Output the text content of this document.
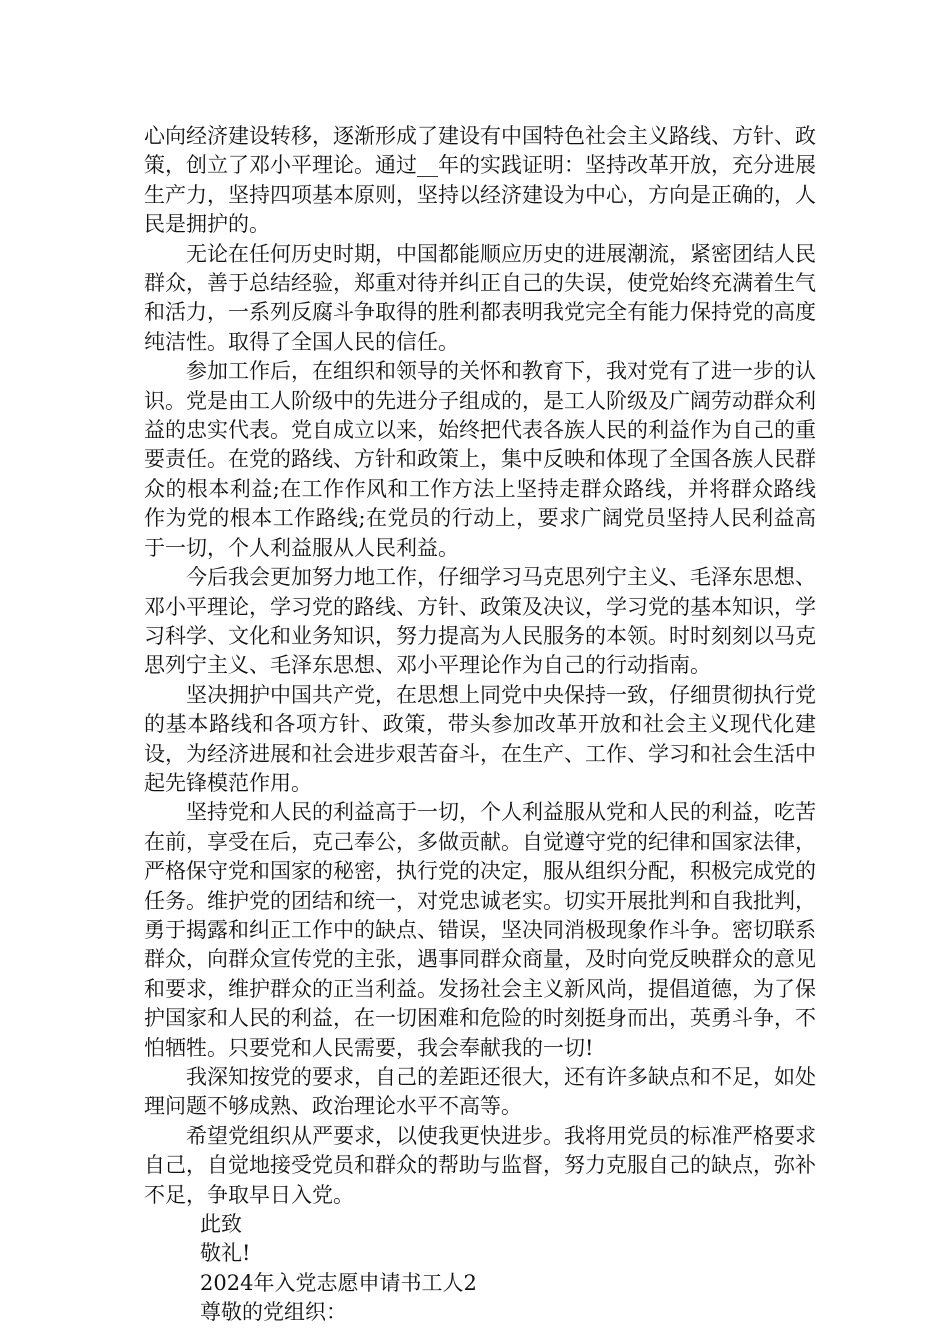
心向经济建设转移，逐渐形成了建设有中国特色社会主义路线、方针、政策，创立了邓小平理论。通过__年的实践证明：坚持改革开放，充分进展生产力，坚持四项基本原则，坚持以经济建设为中心，方向是正确的，人民是拥护的。

无论在任何历史时期，中国都能顺应历史的进展潮流，紧密团结人民群众，善于总结经验，郑重对待并纠正自己的失误，使党始终充满着生气和活力，一系列反腐斗争取得的胜利都表明我党完全有能力保持党的高度纯洁性。取得了全国人民的信任。

参加工作后，在组织和领导的关怀和教育下，我对党有了进一步的认识。党是由工人阶级中的先进分子组成的，是工人阶级及广阔劳动群众利益的忠实代表。党自成立以来，始终把代表各族人民的利益作为自己的重要责任。在党的路线、方针和政策上，集中反映和体现了全国各族人民群众的根本利益;在工作作风和工作方法上坚持走群众路线，并将群众路线作为党的根本工作路线;在党员的行动上，要求广阔党员坚持人民利益高于一切，个人利益服从人民利益。

今后我会更加努力地工作，仔细学习马克思列宁主义、毛泽东思想、邓小平理论，学习党的路线、方针、政策及决议，学习党的基本知识，学习科学、文化和业务知识，努力提高为人民服务的本领。时时刻刻以马克思列宁主义、毛泽东思想、邓小平理论作为自己的行动指南。

坚决拥护中国共产党，在思想上同党中央保持一致，仔细贯彻执行党的基本路线和各项方针、政策，带头参加改革开放和社会主义现代化建设，为经济进展和社会进步艰苦奋斗，在生产、工作、学习和社会生活中起先锋模范作用。

坚持党和人民的利益高于一切，个人利益服从党和人民的利益，吃苦在前，享受在后，克己奉公，多做贡献。自觉遵守党的纪律和国家法律，严格保守党和国家的秘密，执行党的决定，服从组织分配，积极完成党的任务。维护党的团结和统一，对党忠诚老实。切实开展批判和自我批判，勇于揭露和纠正工作中的缺点、错误，坚决同消极现象作斗争。密切联系群众，向群众宣传党的主张，遇事同群众商量，及时向党反映群众的意见和要求，维护群众的正当利益。发扬社会主义新风尚，提倡道德，为了保护国家和人民的利益，在一切困难和危险的时刻挺身而出，英勇斗争，不怕牺牲。只要党和人民需要，我会奉献我的一切!

我深知按党的要求，自己的差距还很大，还有许多缺点和不足，如处理问题不够成熟、政治理论水平不高等。

希望党组织从严要求，以使我更快进步。我将用党员的标准严格要求自己，自觉地接受党员和群众的帮助与监督，努力克服自己的缺点，弥补不足，争取早日入党。

此致

敬礼!

2024年入党志愿申请书工人2

尊敬的党组织：
